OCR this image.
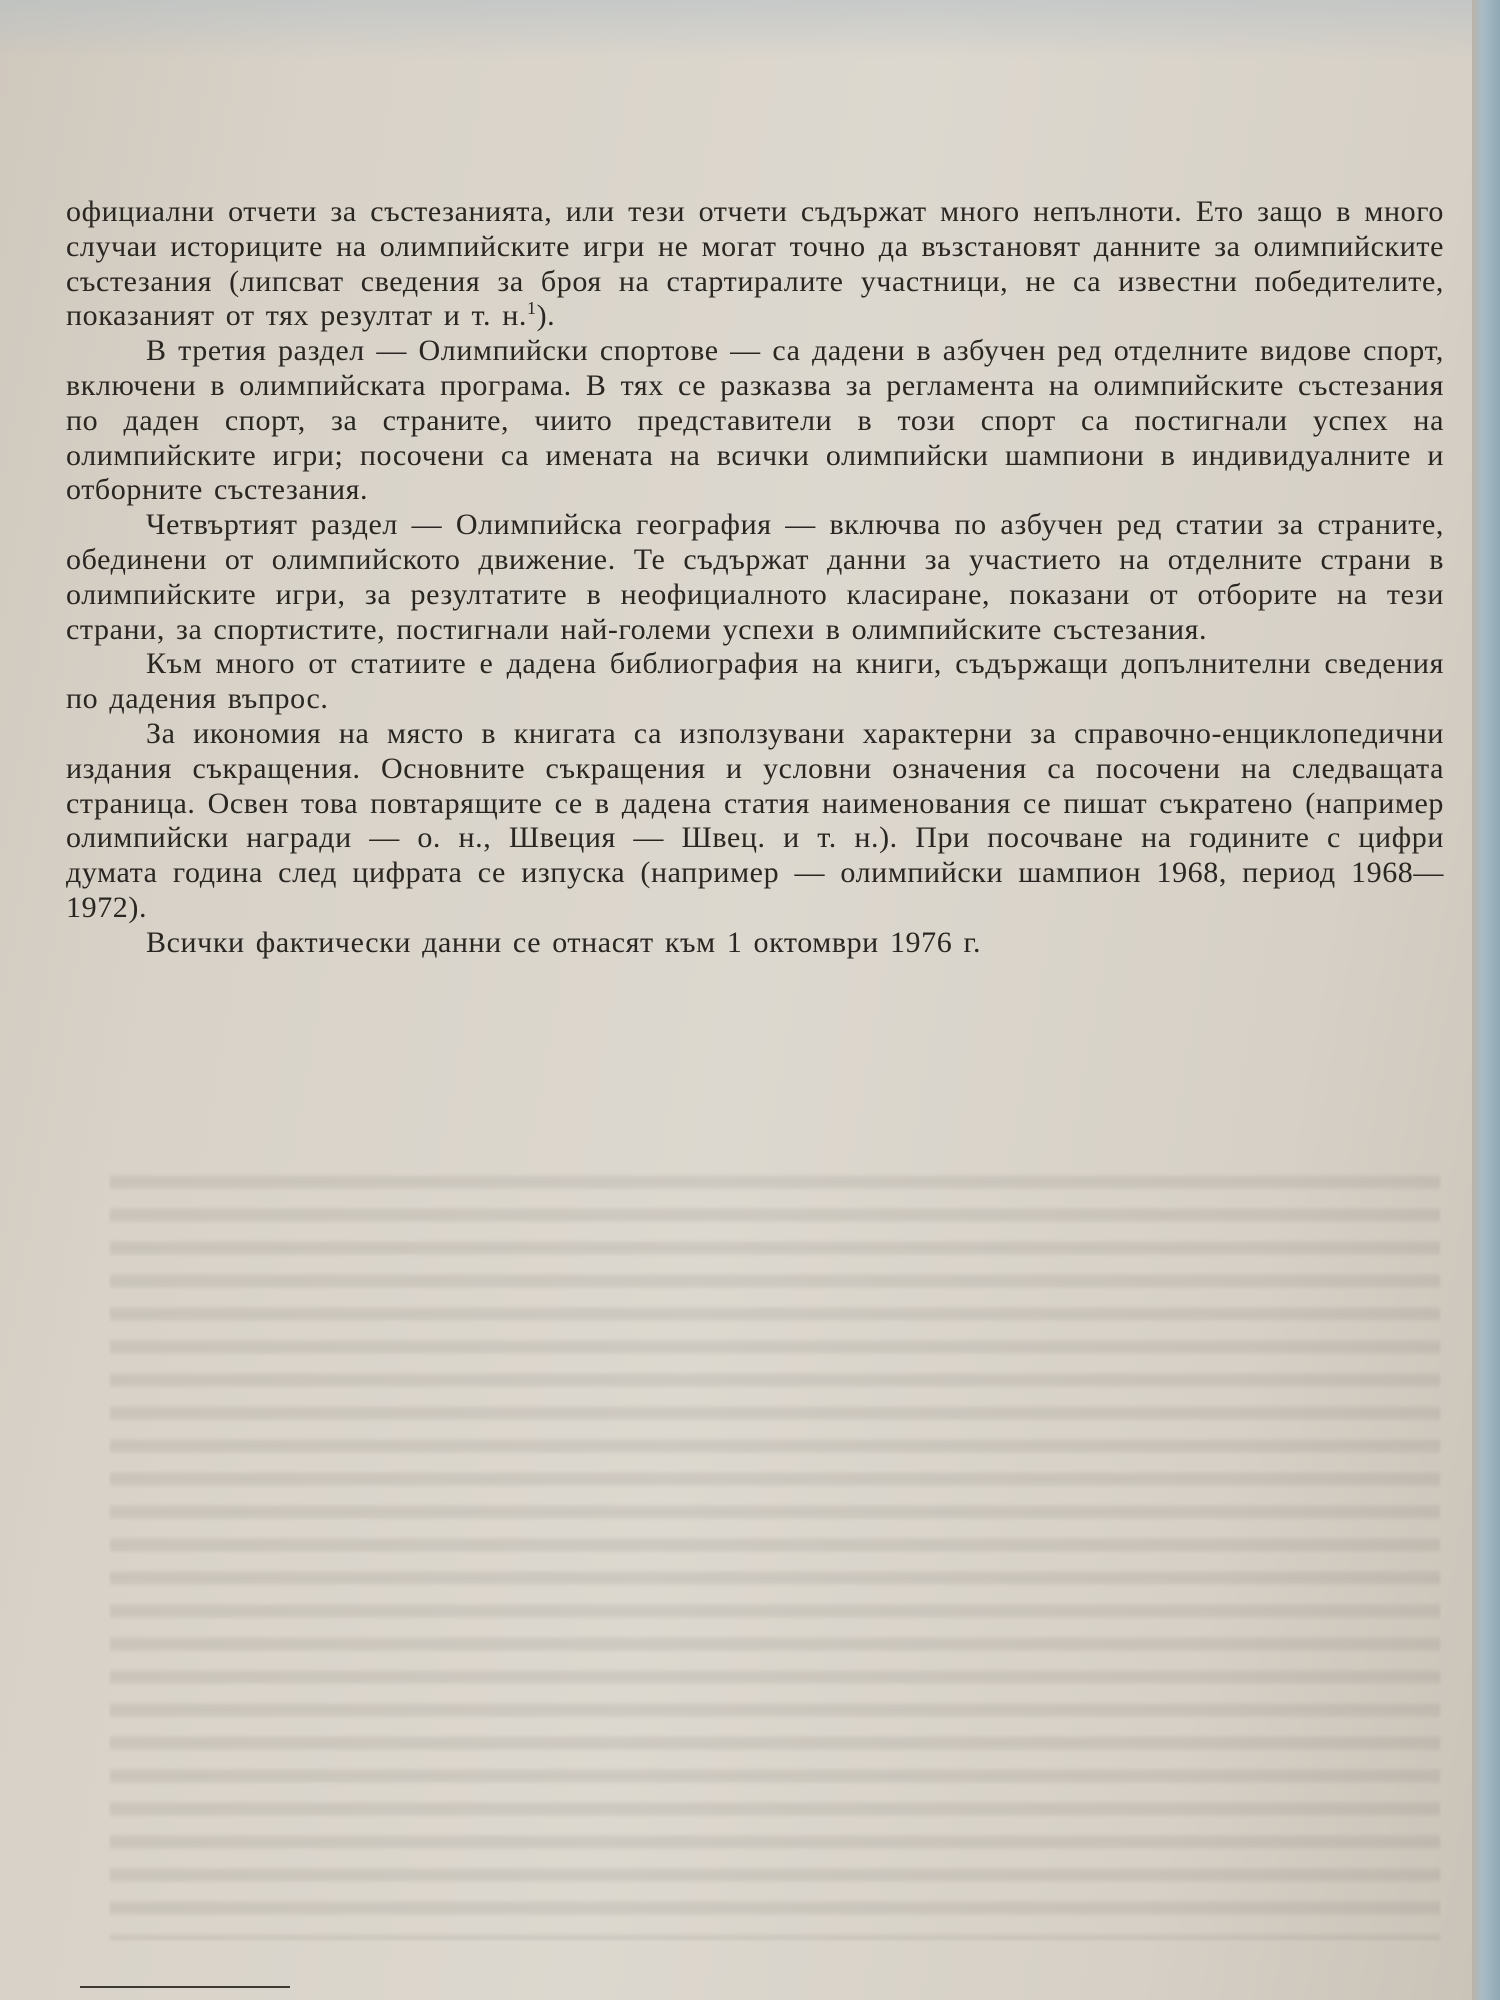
официални отчети за състезанията, или тези отчети съдържат много непълноти. Ето защо в много случаи историците на олимпийските игри не могат точно да възстановят данните за олимпийските състезания (липсват сведения за броя на стартиралите участници, не са известни победителите, показаният от тях резултат и т. н.$^1$).

В третия раздел — Олимпийски спортове — са дадени в азбучен ред отделните видове спорт, включени в олимпийската програма. В тях се разказва за регламента на олимпийските състезания по даден спорт, за страните, чиито представители в този спорт са постигнали успех на олимпийските игри; посочени са имената на всички олимпийски шампиони в индивидуалните и отборните състезания.

Четвъртият раздел — Олимпийска география — включва по азбучен ред статии за страните, обединени от олимпийското движение. Те съдържат данни за участието на отделните страни в олимпийските игри, за резултатите в неофициалното класиране, показани от отборите на тези страни, за спортистите, постигнали най-големи успехи в олимпийските състезания.

Към много от статиите е дадена библиография на книги, съдържащи допълнителни сведения по дадения въпрос.

За икономия на място в книгата са използувани характерни за справочно-енциклопедични издания съкращения. Основните съкращения и условни означения са посочени на следващата страница. Освен това повтарящите се в дадена статия наименования се пишат съкратено (например олимпийски награди — о. н., Швеция — Швец. и т. н.). При посочване на годините с цифри думата година след цифрата се изпуска (например — олимпийски шампион 1968, период 1968—1972).

Всички фактически данни се отнасят към 1 октомври 1976 г.
